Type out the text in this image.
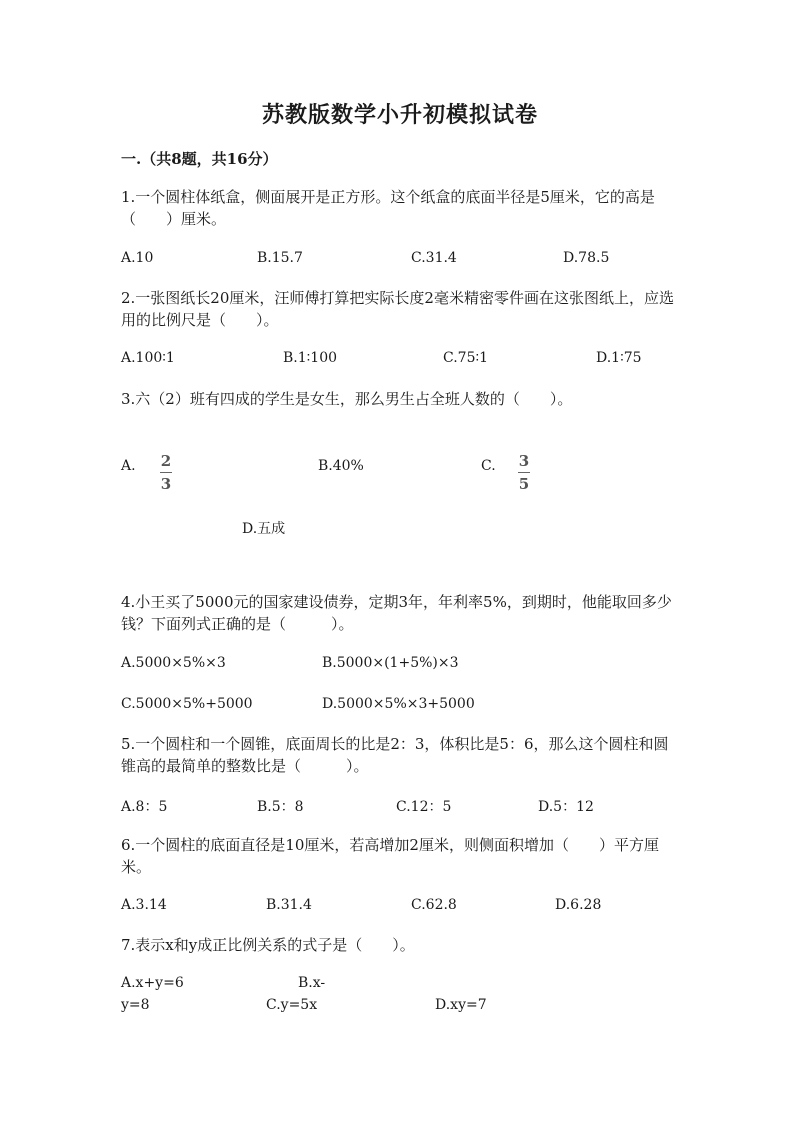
苏教版数学小升初模拟试卷
一.（共8题，共16分）
1.一个圆柱体纸盒，侧面展开是正方形。这个纸盒的底面半径是5厘米，它的高是（　　）厘米。
A.10	B.15.7	C.31.4	D.78.5
2.一张图纸长20厘米，汪师傅打算把实际长度2毫米精密零件画在这张图纸上，应选用的比例尺是（　　）。
A.100∶1	B.1∶100	C.75∶1	D.1∶75
3.六（2）班有四成的学生是女生，那么男生占全班人数的（　　）。
A. 2
3
B.40%	C. 3
5
D.五成
4.小王买了5000元的国家建设债券，定期3年，年利率5%，到期时，他能取回多少钱？下面列式正确的是（　　　）。
A.5000×5%×3	B.5000×(1+5%)×3
C.5000×5%+5000	D.5000×5%×3+5000
5.一个圆柱和一个圆锥，底面周长的比是2：3，体积比是5：6，那么这个圆柱和圆锥高的最简单的整数比是（　　　）。
A.8：5	B.5：8	C.12：5	D.5：12
6.一个圆柱的底面直径是10厘米，若高增加2厘米，则侧面积增加（　　）平方厘米。
A.3.14	B.31.4	C.62.8	D.6.28
7.表示x和y成正比例关系的式子是（　　）。
A.x+y=6	B.x-
y=8	C.y=5x	D.xy=7
